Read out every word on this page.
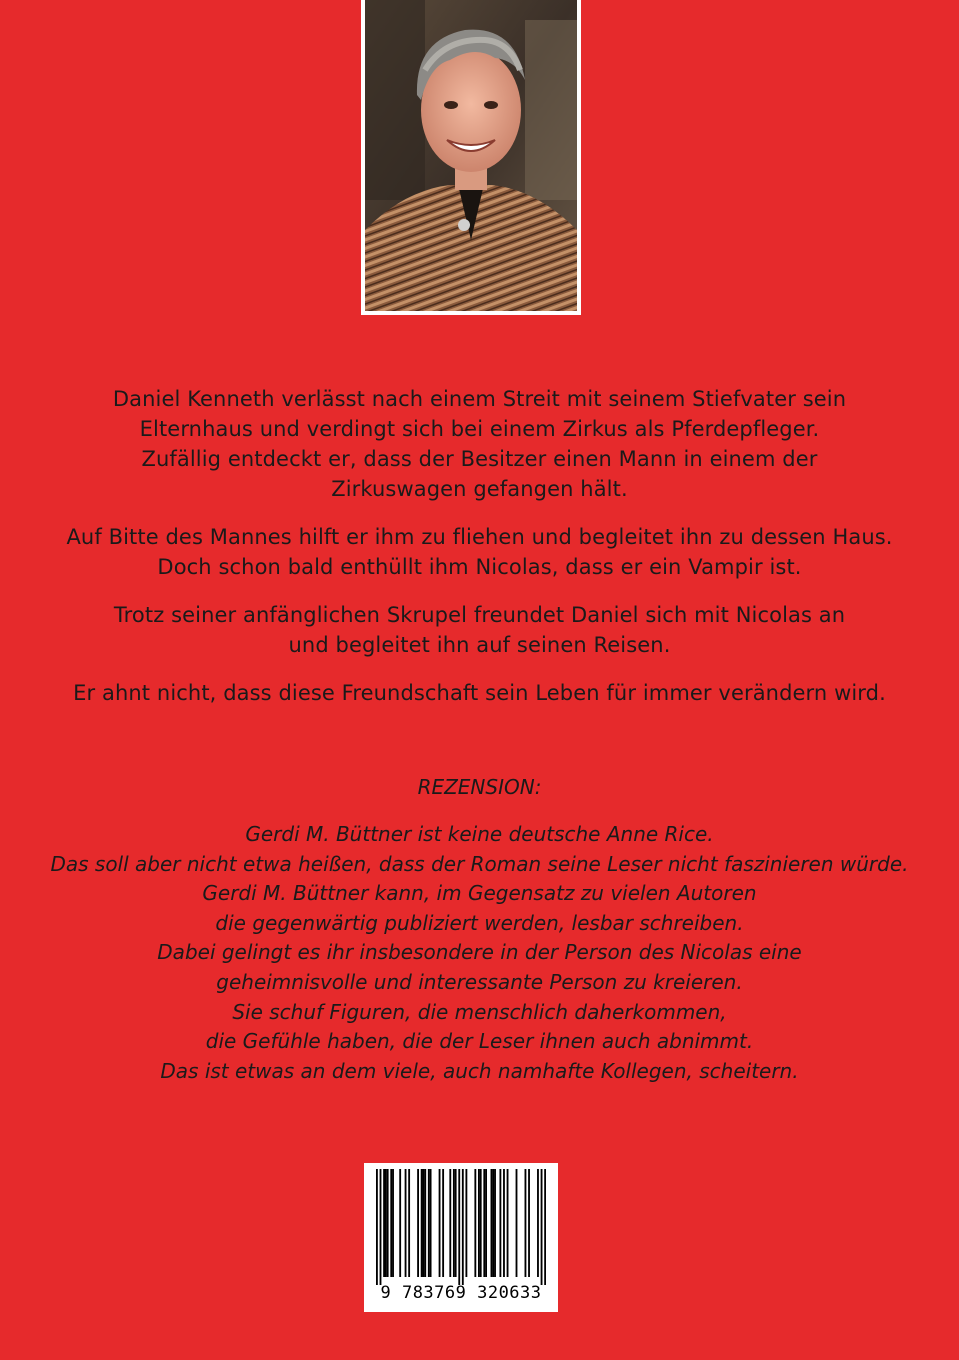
Daniel Kenneth verlässt nach einem Streit mit seinem Stiefvater sein
Elternhaus und verdingt sich bei einem Zirkus als Pferdepfleger.
Zufällig entdeckt er, dass der Besitzer einen Mann in einem der
Zirkuswagen gefangen hält.

Auf Bitte des Mannes hilft er ihm zu fliehen und begleitet ihn zu dessen Haus.
Doch schon bald enthüllt ihm Nicolas, dass er ein Vampir ist.

Trotz seiner anfänglichen Skrupel freundet Daniel sich mit Nicolas an
und begleitet ihn auf seinen Reisen.

Er ahnt nicht, dass diese Freundschaft sein Leben für immer verändern wird.

REZENSION:
Gerdi M. Büttner ist keine deutsche Anne Rice.
Das soll aber nicht etwa heißen, dass der Roman seine Leser nicht faszinieren würde.
Gerdi M. Büttner kann, im Gegensatz zu vielen Autoren
die gegenwärtig publiziert werden, lesbar schreiben.
Dabei gelingt es ihr insbesondere in der Person des Nicolas eine
geheimnisvolle und interessante Person zu kreieren.
Sie schuf Figuren, die menschlich daherkommen,
die Gefühle haben, die der Leser ihnen auch abnimmt.
Das ist etwas an dem viele, auch namhafte Kollegen, scheitern.
9 783769 320633
